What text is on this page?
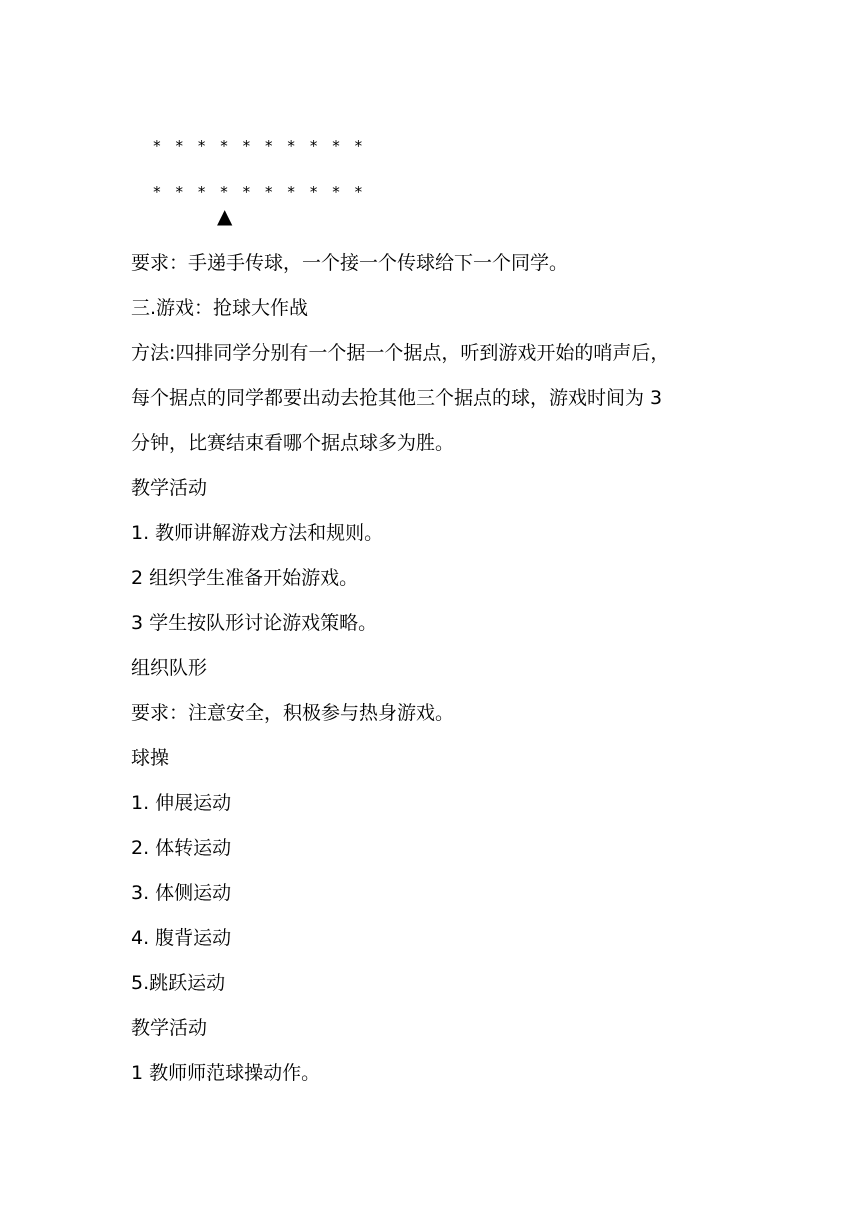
* * * * * * * * * *

* * * * * * * * * *

▲
要求：手递手传球，一个接一个传球给下一个同学。
三.游戏：抢球大作战
方法:四排同学分别有一个据一个据点，听到游戏开始的哨声后，
每个据点的同学都要出动去抢其他三个据点的球，游戏时间为 3
分钟，比赛结束看哪个据点球多为胜。
教学活动
1. 教师讲解游戏方法和规则。
2 组织学生准备开始游戏。
3 学生按队形讨论游戏策略。
组织队形
要求：注意安全，积极参与热身游戏。
球操
1. 伸展运动
2. 体转运动
3. 体侧运动
4. 腹背运动
5.跳跃运动
教学活动
1 教师师范球操动作。
